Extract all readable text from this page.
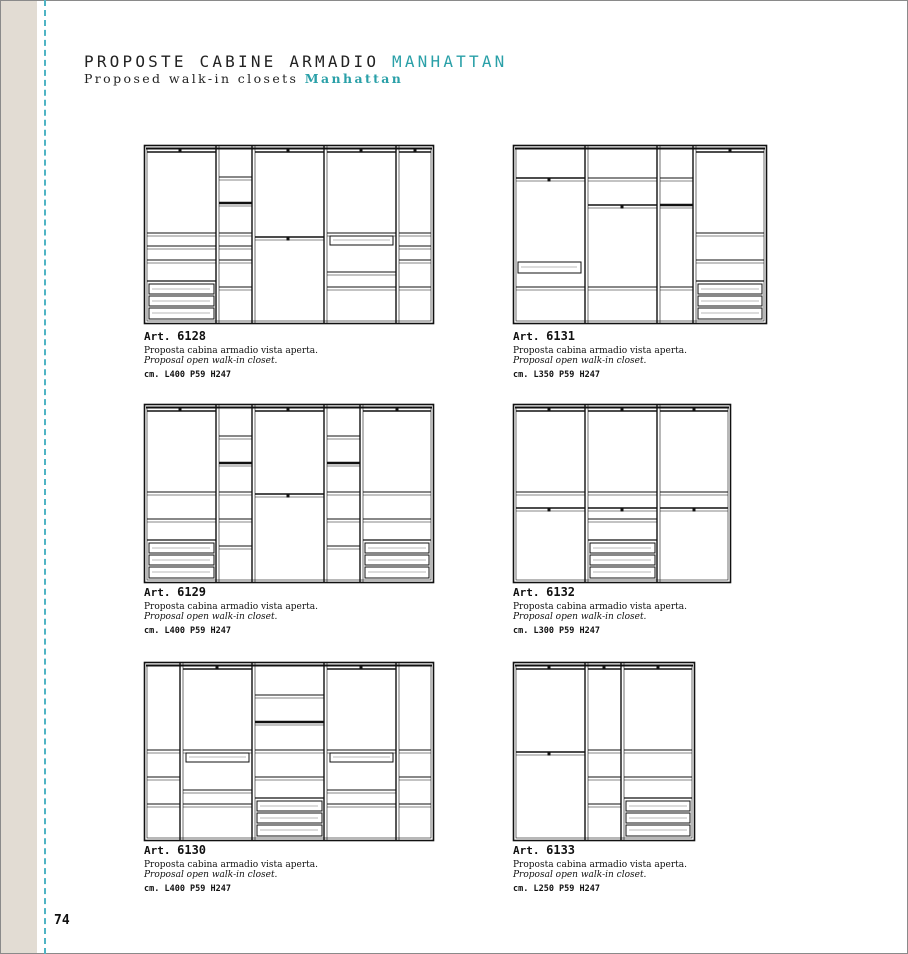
PROPOSTE CABINE ARMADIO MANHATTAN
Proposed walk-in closets Manhattan
Art. 6128
Proposta cabina armadio vista aperta.
Proposal open walk-in closet.
cm. L400 P59 H247
Art. 6131
Proposta cabina armadio vista aperta.
Proposal open walk-in closet.
cm. L350 P59 H247
Art. 6129
Proposta cabina armadio vista aperta.
Proposal open walk-in closet.
cm. L400 P59 H247
Art. 6132
Proposta cabina armadio vista aperta.
Proposal open walk-in closet.
cm. L300 P59 H247
Art. 6130
Proposta cabina armadio vista aperta.
Proposal open walk-in closet.
cm. L400 P59 H247
Art. 6133
Proposta cabina armadio vista aperta.
Proposal open walk-in closet.
cm. L250 P59 H247
74
